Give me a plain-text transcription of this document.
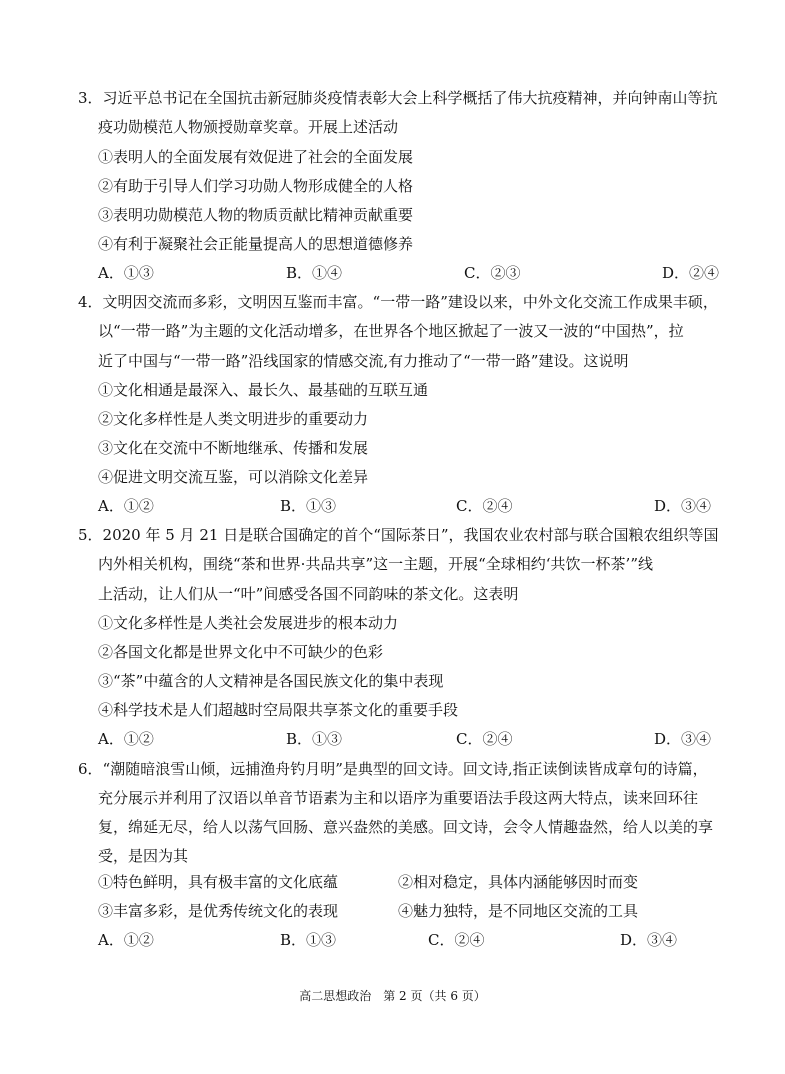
3．习近平总书记在全国抗击新冠肺炎疫情表彰大会上科学概括了伟大抗疫精神，并向钟南山等抗
疫功勋模范人物颁授勋章奖章。开展上述活动
①表明人的全面发展有效促进了社会的全面发展
②有助于引导人们学习功勋人物形成健全的人格
③表明功勋模范人物的物质贡献比精神贡献重要
④有利于凝聚社会正能量提高人的思想道德修养
A．①③	B．①④	C．②③	D．②④
4．文明因交流而多彩，文明因互鉴而丰富。“一带一路”建设以来，中外文化交流工作成果丰硕，
以“一带一路”为主题的文化活动增多，在世界各个地区掀起了一波又一波的“中国热”，拉
近了中国与“一带一路”沿线国家的情感交流,有力推动了“一带一路”建设。这说明
①文化相通是最深入、最长久、最基础的互联互通
②文化多样性是人类文明进步的重要动力
③文化在交流中不断地继承、传播和发展
④促进文明交流互鉴，可以消除文化差异
A．①②	B．①③	C．②④	D．③④
5．2020 年 5 月 21 日是联合国确定的首个“国际茶日”，我国农业农村部与联合国粮农组织等国
内外相关机构，围绕“茶和世界·共品共享”这一主题，开展“全球相约‘共饮一杯茶’”线
上活动，让人们从一“叶”间感受各国不同韵味的茶文化。这表明
①文化多样性是人类社会发展进步的根本动力
②各国文化都是世界文化中不可缺少的色彩
③“茶”中蕴含的人文精神是各国民族文化的集中表现
④科学技术是人们超越时空局限共享茶文化的重要手段
A．①②	B．①③	C．②④	D．③④
6．“潮随暗浪雪山倾，远捕渔舟钓月明”是典型的回文诗。回文诗,指正读倒读皆成章句的诗篇，
充分展示并利用了汉语以单音节语素为主和以语序为重要语法手段这两大特点，读来回环往
复，绵延无尽，给人以荡气回肠、意兴盎然的美感。回文诗，会令人情趣盎然，给人以美的享
受，是因为其
①特色鲜明，具有极丰富的文化底蕴	②相对稳定，具体内涵能够因时而变
③丰富多彩，是优秀传统文化的表现	④魅力独特，是不同地区交流的工具
A．①②	B．①③	C．②④	D．③④
高二思想政治　第 2 页（共 6 页）
